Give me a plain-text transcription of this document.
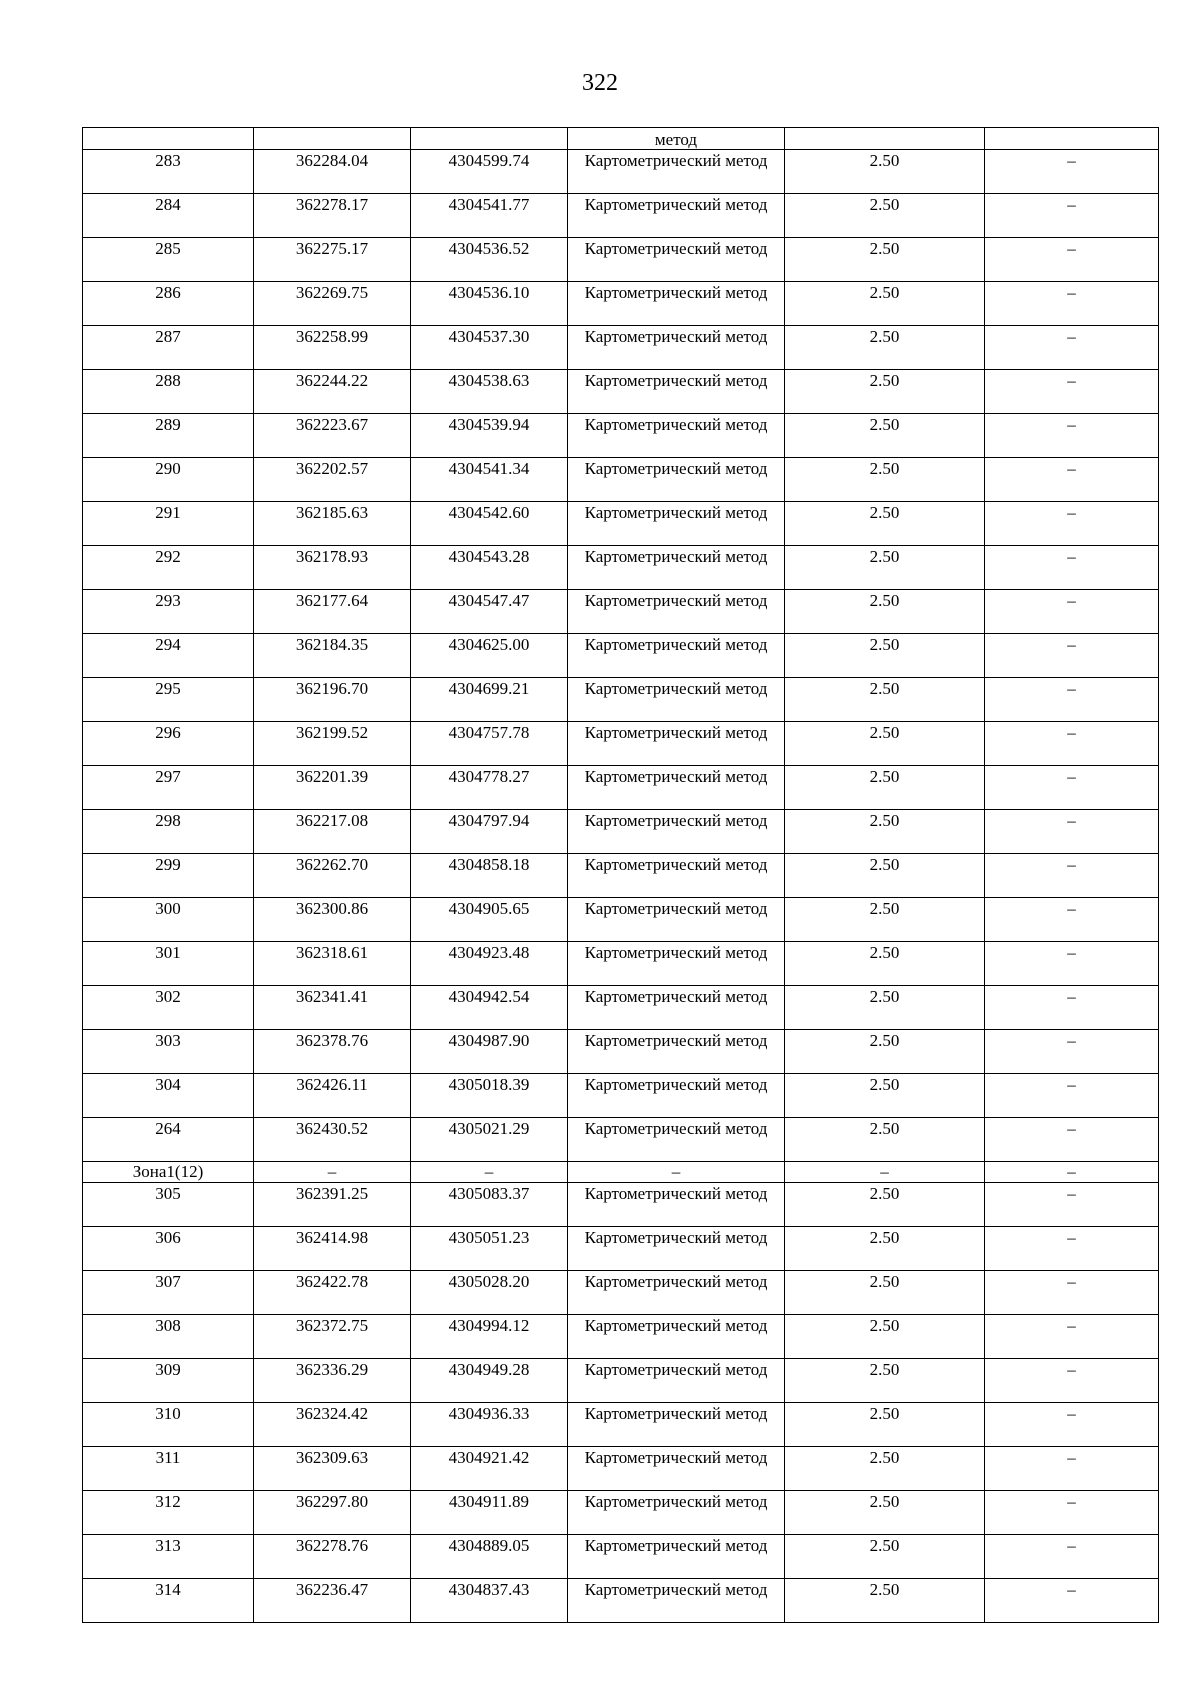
322
			метод		
283	362284.04	4304599.74	Картометрический метод	2.50	–
284	362278.17	4304541.77	Картометрический метод	2.50	–
285	362275.17	4304536.52	Картометрический метод	2.50	–
286	362269.75	4304536.10	Картометрический метод	2.50	–
287	362258.99	4304537.30	Картометрический метод	2.50	–
288	362244.22	4304538.63	Картометрический метод	2.50	–
289	362223.67	4304539.94	Картометрический метод	2.50	–
290	362202.57	4304541.34	Картометрический метод	2.50	–
291	362185.63	4304542.60	Картометрический метод	2.50	–
292	362178.93	4304543.28	Картометрический метод	2.50	–
293	362177.64	4304547.47	Картометрический метод	2.50	–
294	362184.35	4304625.00	Картометрический метод	2.50	–
295	362196.70	4304699.21	Картометрический метод	2.50	–
296	362199.52	4304757.78	Картометрический метод	2.50	–
297	362201.39	4304778.27	Картометрический метод	2.50	–
298	362217.08	4304797.94	Картометрический метод	2.50	–
299	362262.70	4304858.18	Картометрический метод	2.50	–
300	362300.86	4304905.65	Картометрический метод	2.50	–
301	362318.61	4304923.48	Картометрический метод	2.50	–
302	362341.41	4304942.54	Картометрический метод	2.50	–
303	362378.76	4304987.90	Картометрический метод	2.50	–
304	362426.11	4305018.39	Картометрический метод	2.50	–
264	362430.52	4305021.29	Картометрический метод	2.50	–
Зона1(12)	–	–	–	–	–
305	362391.25	4305083.37	Картометрический метод	2.50	–
306	362414.98	4305051.23	Картометрический метод	2.50	–
307	362422.78	4305028.20	Картометрический метод	2.50	–
308	362372.75	4304994.12	Картометрический метод	2.50	–
309	362336.29	4304949.28	Картометрический метод	2.50	–
310	362324.42	4304936.33	Картометрический метод	2.50	–
311	362309.63	4304921.42	Картометрический метод	2.50	–
312	362297.80	4304911.89	Картометрический метод	2.50	–
313	362278.76	4304889.05	Картометрический метод	2.50	–
314	362236.47	4304837.43	Картометрический метод	2.50	–
